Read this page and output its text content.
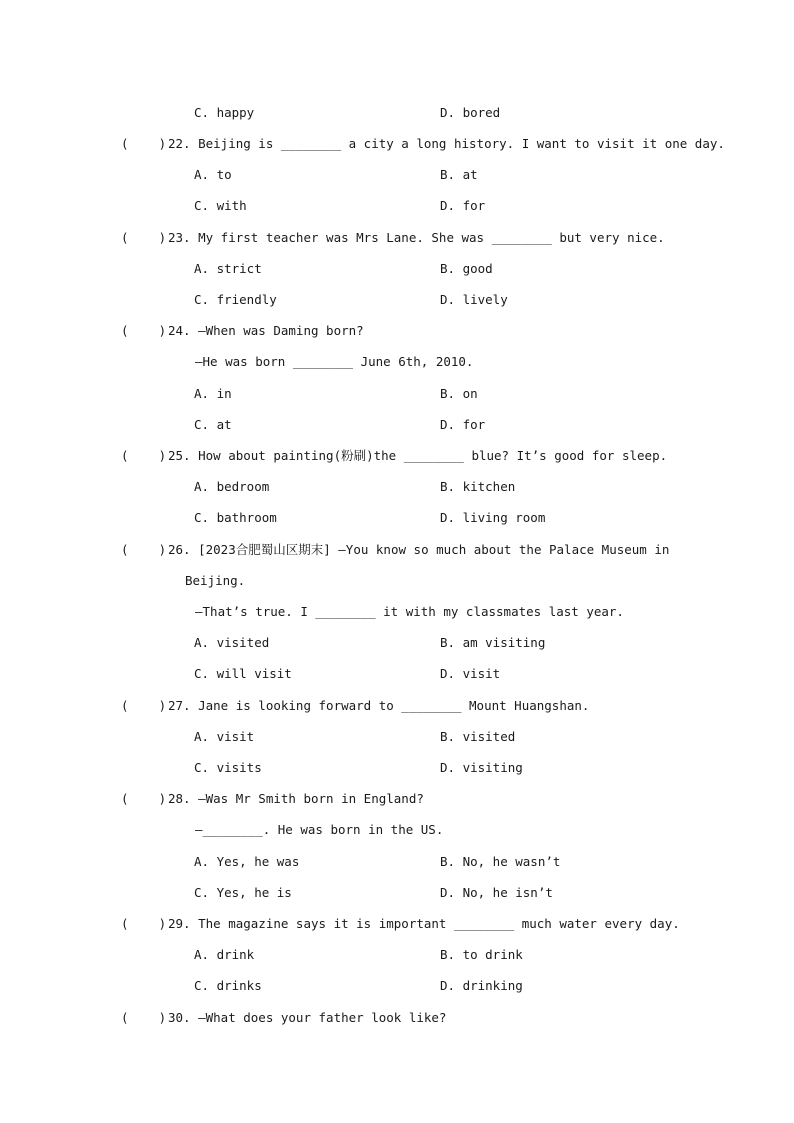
C. happy	D. bored
(    ) 22. Beijing is ________ a city a long history. I want to visit it one day.
A. to	B. at
C. with	D. for
(    ) 23. My first teacher was Mrs Lane. She was ________ but very nice.
A. strict	B. good
C. friendly	D. lively
(    ) 24. —When was Daming born?
—He was born ________ June 6th, 2010.
A. in	B. on
C. at	D. for
(    ) 25. How about painting(粉刷)the ________ blue? It’s good for sleep.
A. bedroom	B. kitchen
C. bathroom	D. living room
(    ) 26. [2023合肥蜀山区期末] —You know so much about the Palace Museum in
Beijing.
—That’s true. I ________ it with my classmates last year.
A. visited	B. am visiting
C. will visit	D. visit
(    ) 27. Jane is looking forward to ________ Mount Huangshan.
A. visit	B. visited
C. visits	D. visiting
(    ) 28. —Was Mr Smith born in England?
—________. He was born in the US.
A. Yes, he was	B. No, he wasn’t
C. Yes, he is	D. No, he isn’t
(    ) 29. The magazine says it is important ________ much water every day.
A. drink	B. to drink
C. drinks	D. drinking
(    ) 30. —What does your father look like?
